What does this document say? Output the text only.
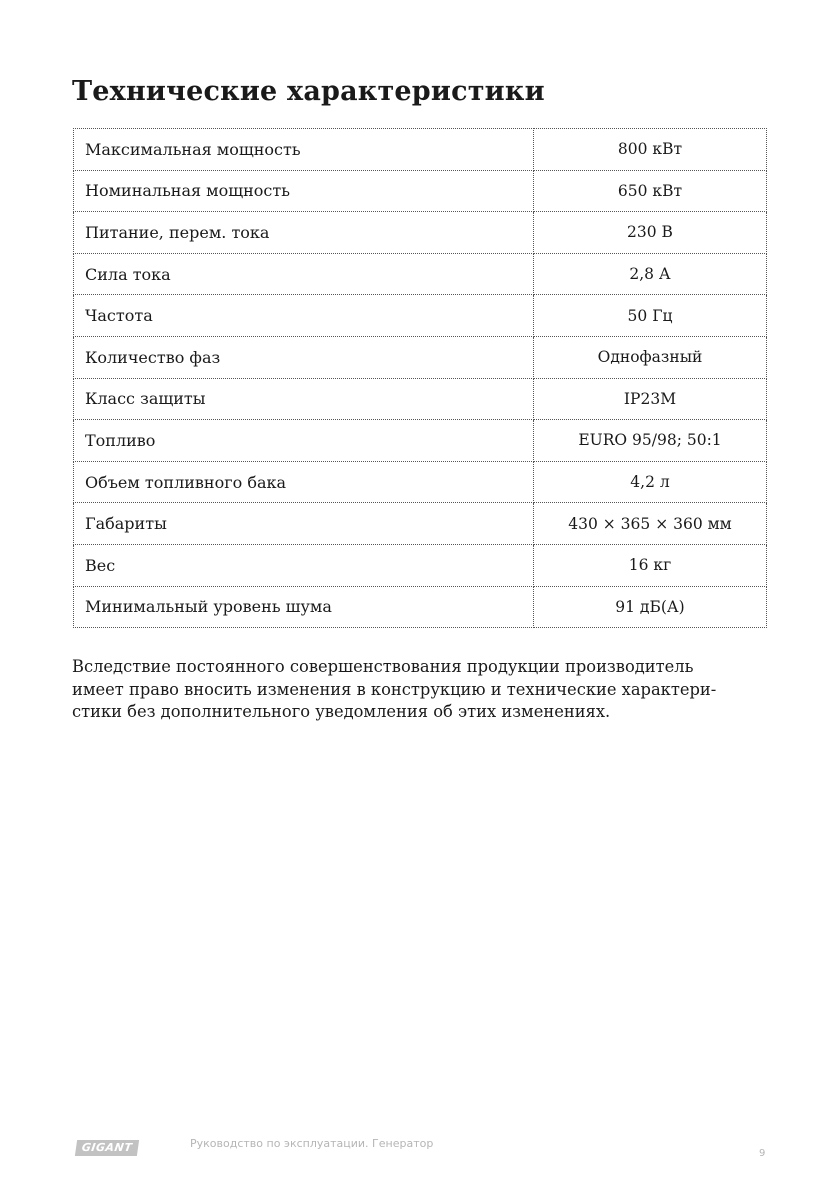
Технические характеристики
Максимальная мощность	800 кВт
Номинальная мощность	650 кВт
Питание, перем. тока	230 В
Сила тока	2,8 А
Частота	50 Гц
Количество фаз	Однофазный
Класс защиты	IP23M
Топливо	EURO 95/98; 50:1
Объем топливного бака	4,2 л
Габариты	430 × 365 × 360 мм
Вес	16 кг
Минимальный уровень шума	91 дБ(А)

Вследствие постоянного совершенствования продукции производитель
имеет право вносить изменения в конструкцию и технические характери-
стики без дополнительного уведомления об этих изменениях.

GIGANT	Руководство по эксплуатации. Генератор
9
